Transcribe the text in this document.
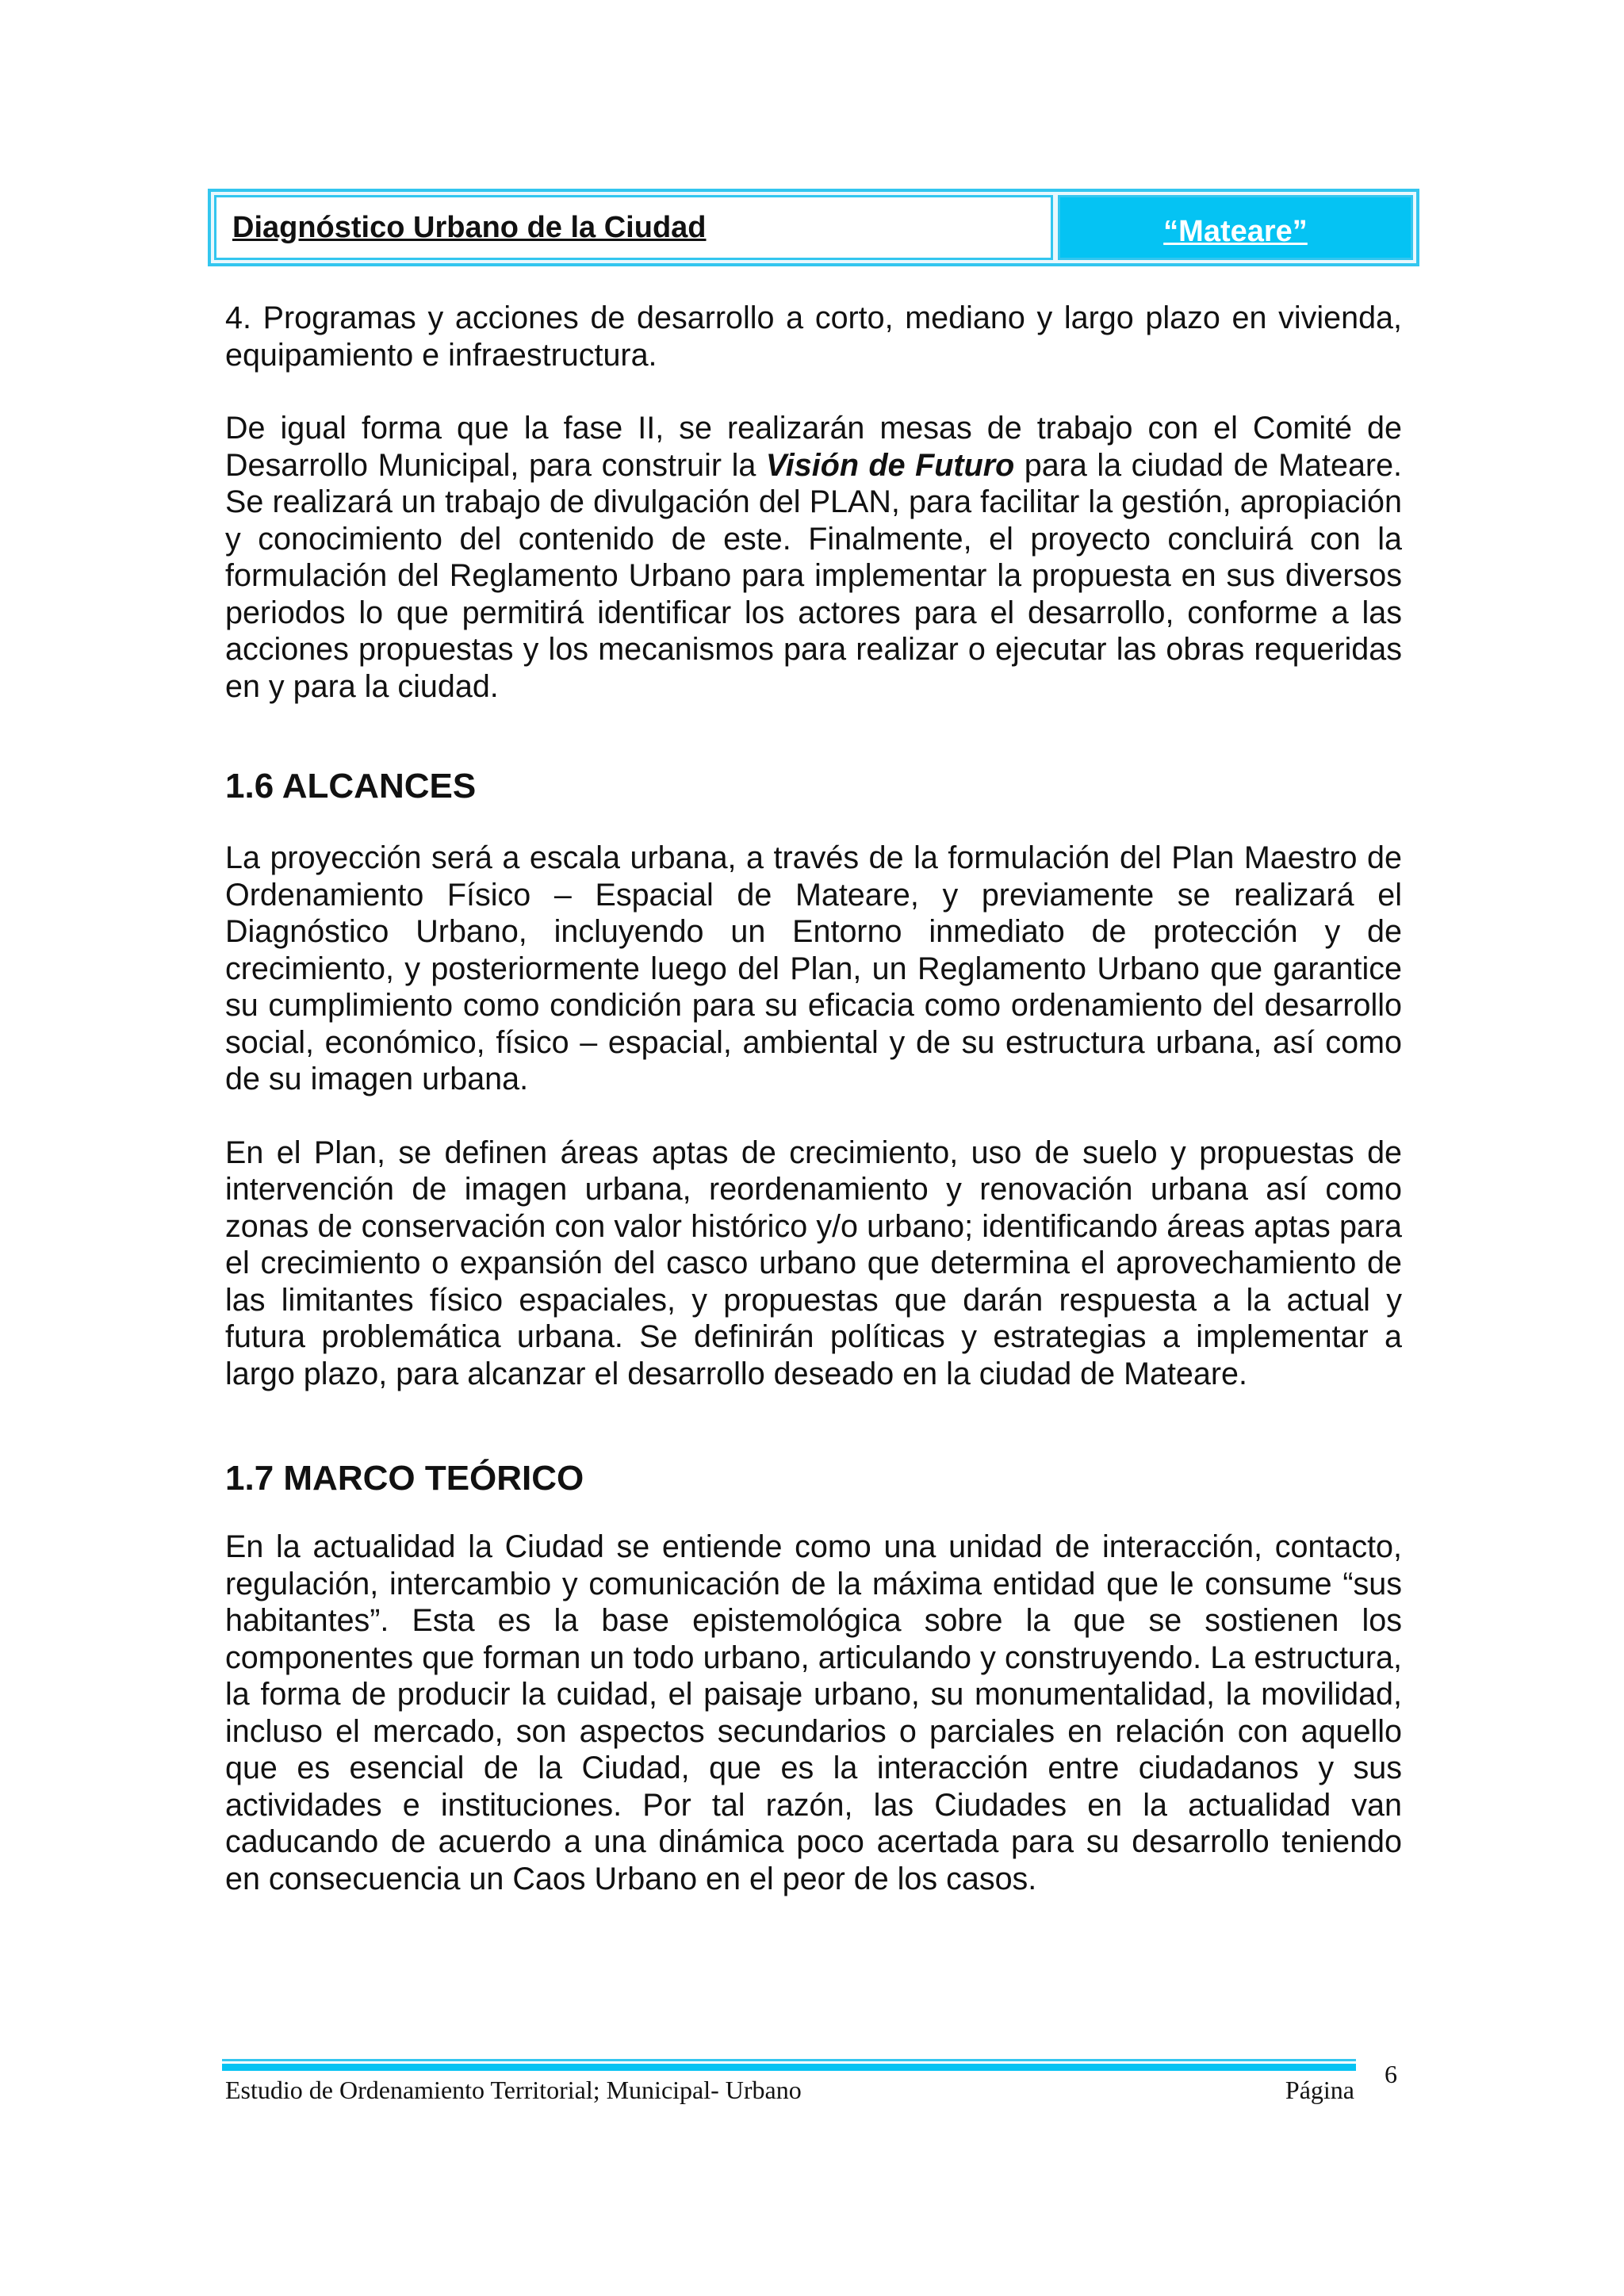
Diagnóstico Urbano de la Ciudad	“Mateare”

4. Programas y acciones de desarrollo a corto, mediano y largo plazo en vivienda, equipamiento e infraestructura.

De igual forma que la fase II, se realizarán mesas de trabajo con el Comité de Desarrollo Municipal, para construir la Visión de Futuro para la ciudad de Mateare. Se realizará un trabajo de divulgación del PLAN, para facilitar la gestión, apropiación y conocimiento del contenido de este. Finalmente, el proyecto concluirá con la formulación del Reglamento Urbano para implementar la propuesta en sus diversos periodos lo que permitirá identificar los actores para el desarrollo, conforme a las acciones propuestas y los mecanismos para realizar o ejecutar las obras requeridas en y para la ciudad.

1.6 ALCANCES

La proyección será a escala urbana, a través de la formulación del Plan Maestro de Ordenamiento Físico – Espacial de Mateare, y previamente se realizará el Diagnóstico Urbano, incluyendo un Entorno inmediato de protección y de crecimiento, y posteriormente luego del Plan, un Reglamento Urbano que garantice su cumplimiento como condición para su eficacia como ordenamiento del desarrollo social, económico, físico – espacial, ambiental y de su estructura urbana, así como de su imagen urbana.

En el Plan, se definen áreas aptas de crecimiento, uso de suelo y propuestas de intervención de imagen urbana, reordenamiento y renovación urbana así como zonas de conservación con valor histórico y/o urbano; identificando áreas aptas para el crecimiento o expansión del casco urbano que determina el aprovechamiento de las limitantes físico espaciales, y propuestas que darán respuesta a la actual y futura problemática urbana. Se definirán políticas y estrategias a implementar a largo plazo, para alcanzar el desarrollo deseado en la ciudad de Mateare.

1.7 MARCO TEÓRICO

En la actualidad la Ciudad se entiende como una unidad de interacción, contacto, regulación, intercambio y comunicación de la máxima entidad que le consume “sus habitantes”. Esta es la base epistemológica sobre la que se sostienen los componentes que forman un todo urbano, articulando y construyendo. La estructura, la forma de producir la cuidad, el paisaje urbano, su monumentalidad, la movilidad, incluso el mercado, son aspectos secundarios o parciales en relación con aquello que es esencial de la Ciudad, que es la interacción entre ciudadanos y sus actividades e instituciones. Por tal razón, las Ciudades en la actualidad van caducando de acuerdo a una dinámica poco acertada para su desarrollo teniendo en consecuencia un Caos Urbano en el peor de los casos.

Estudio de Ordenamiento Territorial; Municipal- Urbano	Página
6
